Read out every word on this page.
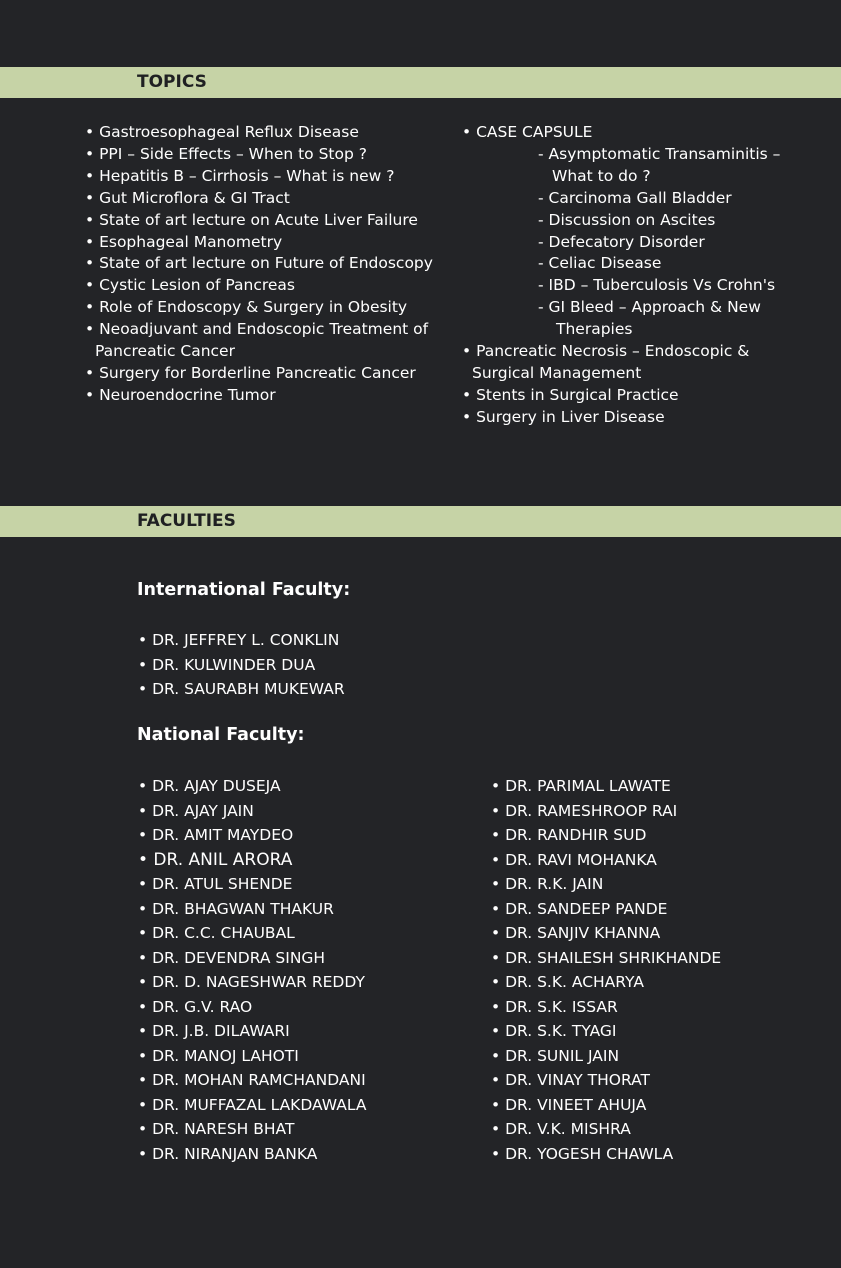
TOPICS
• Gastroesophageal Reflux Disease
• PPI – Side Effects – When to Stop ?
• Hepatitis B – Cirrhosis – What is new ?
• Gut Microflora & GI Tract
• State of art lecture on Acute Liver Failure
• Esophageal Manometry
• State of art lecture on Future of Endoscopy
• Cystic Lesion of Pancreas
• Role of Endoscopy & Surgery in Obesity
• Neoadjuvant and Endoscopic Treatment of
Pancreatic Cancer
• Surgery for Borderline Pancreatic Cancer
• Neuroendocrine Tumor
• CASE CAPSULE
- Asymptomatic Transaminitis –
What to do ?
- Carcinoma Gall Bladder
- Discussion on Ascites
- Defecatory Disorder
- Celiac Disease
- IBD – Tuberculosis Vs Crohn's
- GI Bleed – Approach & New
Therapies
• Pancreatic Necrosis – Endoscopic &
Surgical Management
• Stents in Surgical Practice
• Surgery in Liver Disease
FACULTIES
International Faculty:
• DR. JEFFREY L. CONKLIN
• DR. KULWINDER DUA
• DR. SAURABH MUKEWAR
National Faculty:
• DR. AJAY DUSEJA
• DR. AJAY JAIN
• DR. AMIT MAYDEO
• DR. ANIL ARORA
• DR. ATUL SHENDE
• DR. BHAGWAN THAKUR
• DR. C.C. CHAUBAL
• DR. DEVENDRA SINGH
• DR. D. NAGESHWAR REDDY
• DR. G.V. RAO
• DR. J.B. DILAWARI
• DR. MANOJ LAHOTI
• DR. MOHAN RAMCHANDANI
• DR. MUFFAZAL LAKDAWALA
• DR. NARESH BHAT
• DR. NIRANJAN BANKA
• DR. PARIMAL LAWATE
• DR. RAMESHROOP RAI
• DR. RANDHIR SUD
• DR. RAVI MOHANKA
• DR. R.K. JAIN
• DR. SANDEEP PANDE
• DR. SANJIV KHANNA
• DR. SHAILESH SHRIKHANDE
• DR. S.K. ACHARYA
• DR. S.K. ISSAR
• DR. S.K. TYAGI
• DR. SUNIL JAIN
• DR. VINAY THORAT
• DR. VINEET AHUJA
• DR. V.K. MISHRA
• DR. YOGESH CHAWLA
